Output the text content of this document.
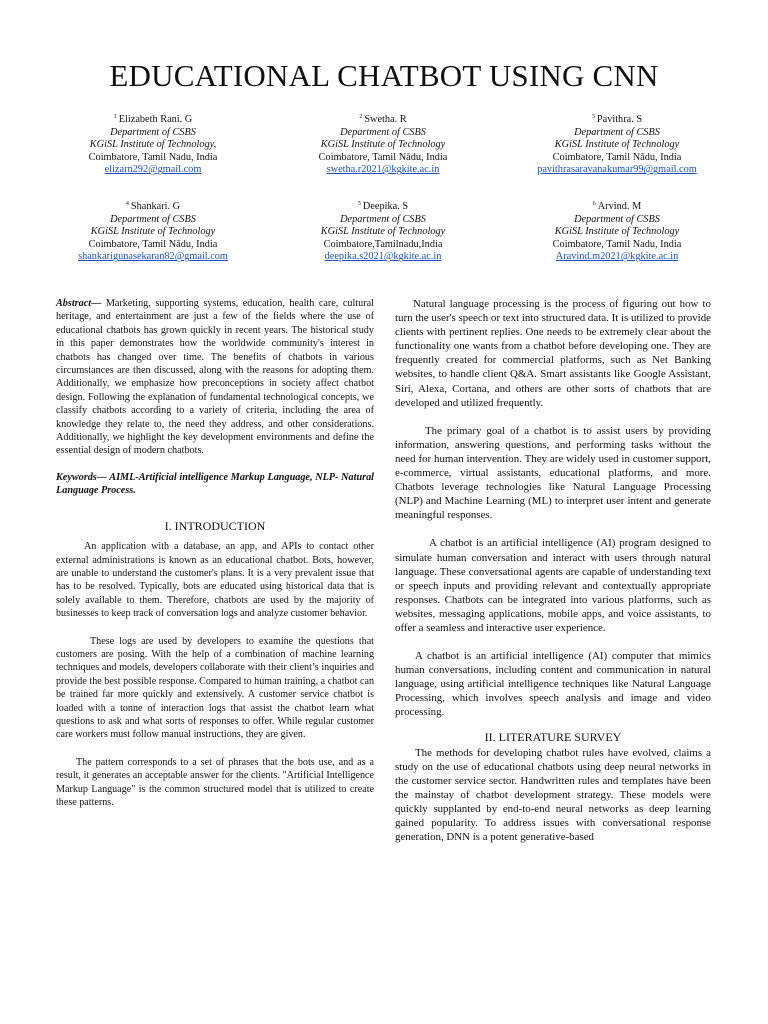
EDUCATIONAL CHATBOT USING CNN
$^1$ Elizabeth Rani. G
Department of CSBS
KGiSL Institute of Technology,
Coimbatore, Tamil Nadu, India
elizarn292@gmail.com
$^2$ Swetha. R
Department of CSBS
KGiSL Institute of Technology
Coimbatore, Tamil Nādu, India
swetha.r2021@kgkite.ac.in
$^3$ Pavithra. S
Department of CSBS
KGiSL Institute of Technology
Coimbatore, Tamil Nādu, India
pavithrasaravanakumar99@gmail.com
$^4$ Shankari. G
Department of CSBS
KGiSL Institute of Technology
Coimbatore, Tamil Nādu, India
shankarigunasekaran82@gmail.com
$^5$ Deepika. S
Department of CSBS
KGiSL Institute of Technology
Coimbatore,Tamilnadu,India
deepika.s2021@kgkite.ac.in
$^6$ Arvind. M
Department of CSBS
KGiSL Institute of Technology
Coimbatore, Tamil Nadu, India
Aravind.m2021@kgkite.ac.in

Abstract— Marketing, supporting systems, education, health care, cultural heritage, and entertainment are just a few of the fields where the use of educational chatbots has grown quickly in recent years. The historical study in this paper demonstrates how the worldwide community's interest in chatbots has changed over time. The benefits of chatbots in various circumstances are then discussed, along with the reasons for adopting them. Additionally, we emphasize how preconceptions in society affect chatbot design. Following the explanation of fundamental technological concepts, we classify chatbots according to a variety of criteria, including the area of knowledge they relate to, the need they address, and other considerations. Additionally, we highlight the key development environments and define the essential design of modern chatbots.

Keywords— AIML-Artificial intelligence Markup Language, NLP- Natural Language Process.

I. INTRODUCTION

An application with a database, an app, and APIs to contact other external administrations is known as an educational chatbot. Bots, however, are unable to understand the customer's plans. It is a very prevalent issue that has to be resolved. Typically, bots are educated using historical data that is solely available to them. Therefore, chatbots are used by the majority of businesses to keep track of conversation logs and analyze customer behavior.

These logs are used by developers to examine the questions that customers are posing. With the help of a combination of machine learning techniques and models, developers collaborate with their client’s inquiries and provide the best possible response. Compared to human training, a chatbot can be trained far more quickly and extensively. A customer service chatbot is loaded with a tonne of interaction logs that assist the chatbot learn what questions to ask and what sorts of responses to offer. While regular customer care workers must follow manual instructions, they are given.

The pattern corresponds to a set of phrases that the bots use, and as a result, it generates an acceptable answer for the clients. "Artificial Intelligence Markup Language" is the common structured model that is utilized to create these patterns.

Natural language processing is the process of figuring out how to turn the user's speech or text into structured data. It is utilized to provide clients with pertinent replies. One needs to be extremely clear about the functionality one wants from a chatbot before developing one. They are frequently created for commercial platforms, such as Net Banking websites, to handle client Q&A. Smart assistants like Google Assistant, Siri, Alexa, Cortana, and others are other sorts of chatbots that are developed and utilized frequently.

The primary goal of a chatbot is to assist users by providing information, answering questions, and performing tasks without the need for human intervention. They are widely used in customer support, e-commerce, virtual assistants, educational platforms, and more. Chatbots leverage technologies like Natural Language Processing (NLP) and Machine Learning (ML) to interpret user intent and generate meaningful responses.

A chatbot is an artificial intelligence (AI) program designed to simulate human conversation and interact with users through natural language. These conversational agents are capable of understanding text or speech inputs and providing relevant and contextually appropriate responses. Chatbots can be integrated into various platforms, such as websites, messaging applications, mobile apps, and voice assistants, to offer a seamless and interactive user experience.

A chatbot is an artificial intelligence (AI) computer that mimics human conversations, including content and communication in natural language, using artificial intelligence techniques like Natural Language Processing, which involves speech analysis and image and video processing.

II. LITERATURE SURVEY

The methods for developing chatbot rules have evolved, claims a study on the use of educational chatbots using deep neural networks in the customer service sector. Handwritten rules and templates have been the mainstay of chatbot development strategy. These models were quickly supplanted by end-to-end neural networks as deep learning gained popularity. To address issues with conversational response generation, DNN is a potent generative-based
